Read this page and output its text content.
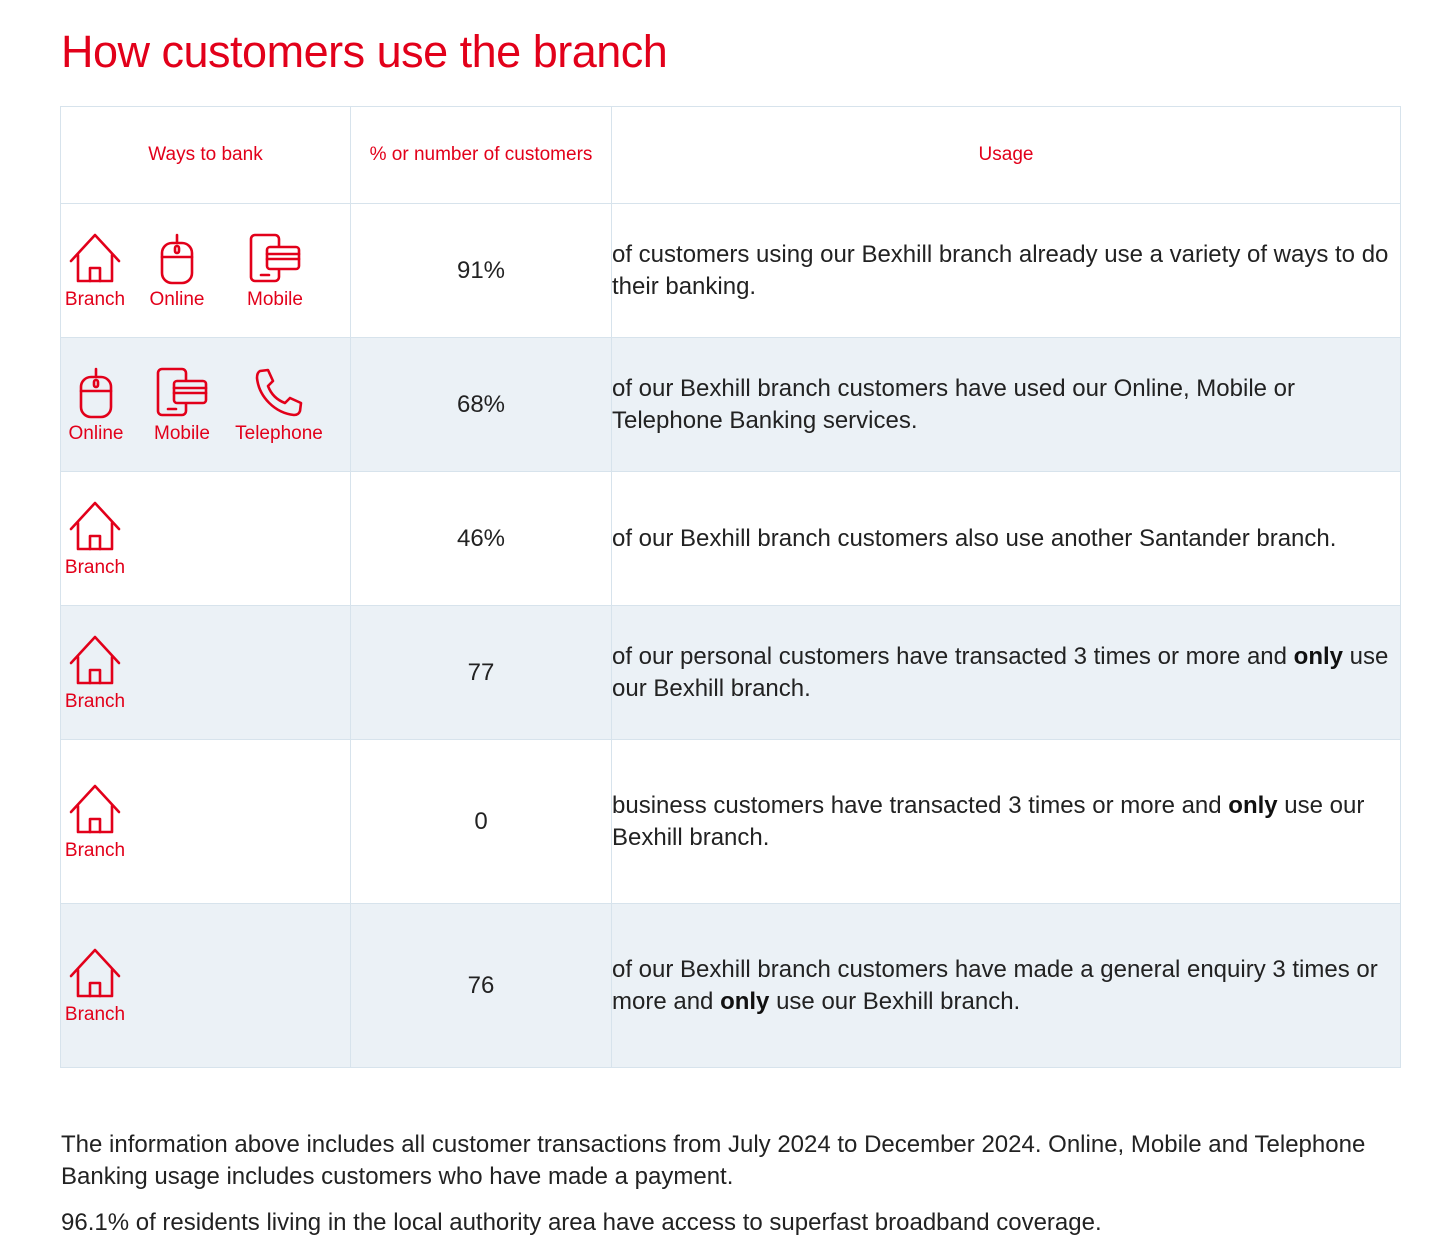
How customers use the branch
Ways to bank	% or number of customers	Usage

Branch Online Mobile	91%	of customers using our Bexhill branch already use a variety of ways to do their banking.

Online Mobile Telephone	68%	of our Bexhill branch customers have used our Online, Mobile or Telephone Banking services.

Branch	46%	of our Bexhill branch customers also use another Santander branch.

Branch	77	of our personal customers have transacted 3 times or more and only use our Bexhill branch.

Branch	0	business customers have transacted 3 times or more and only use our Bexhill branch.

Branch	76	of our Bexhill branch customers have made a general enquiry 3 times or more and only use our Bexhill branch.

The information above includes all customer transactions from July 2024 to December 2024. Online, Mobile and Telephone Banking usage includes customers who have made a payment.

96.1% of residents living in the local authority area have access to superfast broadband coverage.
